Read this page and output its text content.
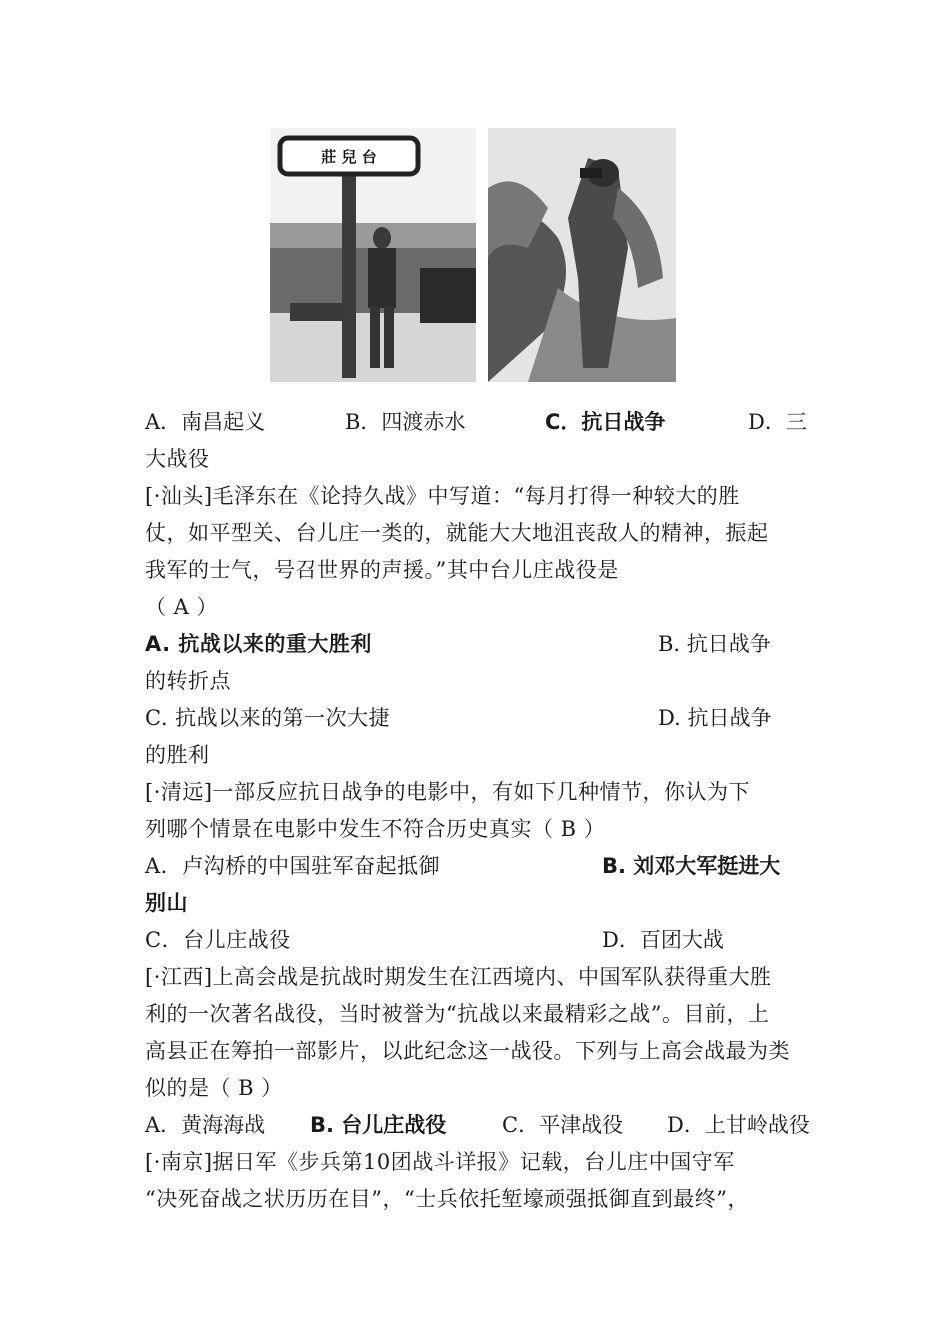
莊 兒 台
A．南昌起义	B．四渡赤水	C．抗日战争	D．三
大战役
[·汕头]毛泽东在《论持久战》中写道：“每月打得一种较大的胜
仗，如平型关、台儿庄一类的，就能大大地沮丧敌人的精神，振起
我军的士气，号召世界的声援。”其中台儿庄战役是
（ A ）
A. 抗战以来的重大胜利	B. 抗日战争
的转折点
C. 抗战以来的第一次大捷	D. 抗日战争
的胜利
[·清远]一部反应抗日战争的电影中，有如下几种情节，你认为下
列哪个情景在电影中发生不符合历史真实（ B ）
A．卢沟桥的中国驻军奋起抵御	B. 刘邓大军挺进大
别山
C．台儿庄战役	D．百团大战
[·江西]上高会战是抗战时期发生在江西境内、中国军队获得重大胜
利的一次著名战役，当时被誉为“抗战以来最精彩之战”。目前，上
高县正在筹拍一部影片，以此纪念这一战役。下列与上高会战最为类
似的是（ B ）
A．黄海海战 B. 台儿庄战役	C．平津战役 D．上甘岭战役
[·南京]据日军《步兵第10团战斗详报》记载，台儿庄中国守军
“决死奋战之状历历在目”，“士兵依托堑壕顽强抵御直到最终”，
